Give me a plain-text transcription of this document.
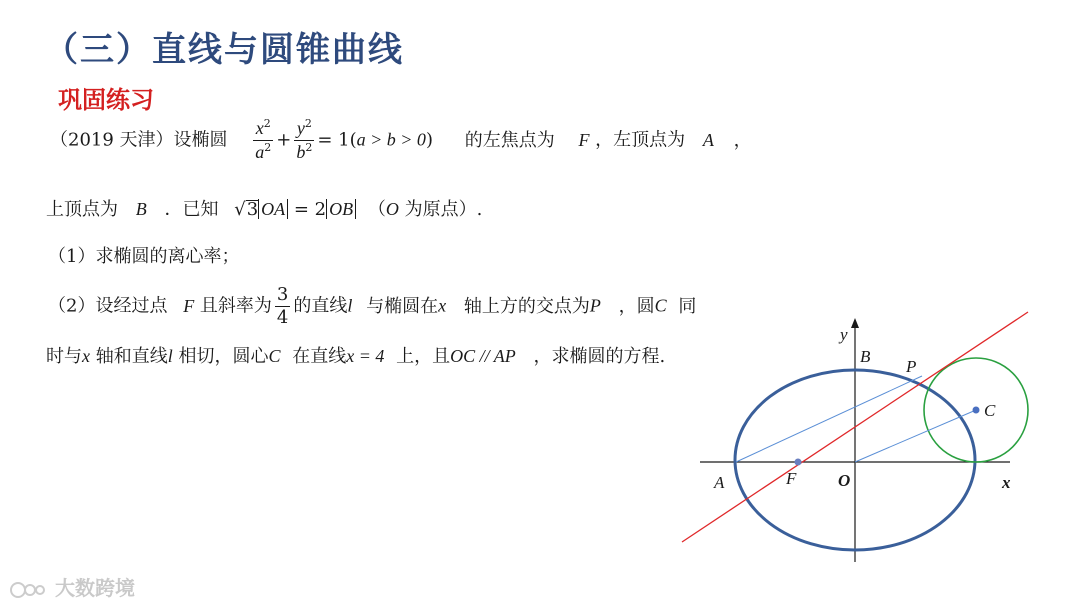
（三）直线与圆锥曲线
巩固练习
（2019 天津）设椭圆 $\frac{x^2}{a^2} + \frac{y^2}{b^2} = 1(a > b > 0)$ 的左焦点为 F ，左顶点为 A ，
上顶点为 B ．已知 √3 OA = 2 OB （O 为原点）.
（1）求椭圆的离心率；
（2）设经过点 F 且斜率为 $\frac{3}{4}$ 的直线l 与椭圆在x 轴上方的交点为P ，圆C 同
时与x 轴和直线l 相切，圆心C 在直线x = 4 上，且OC // AP ，求椭圆的方程.
y
B
P
C
A	F O	x
大数跨境
